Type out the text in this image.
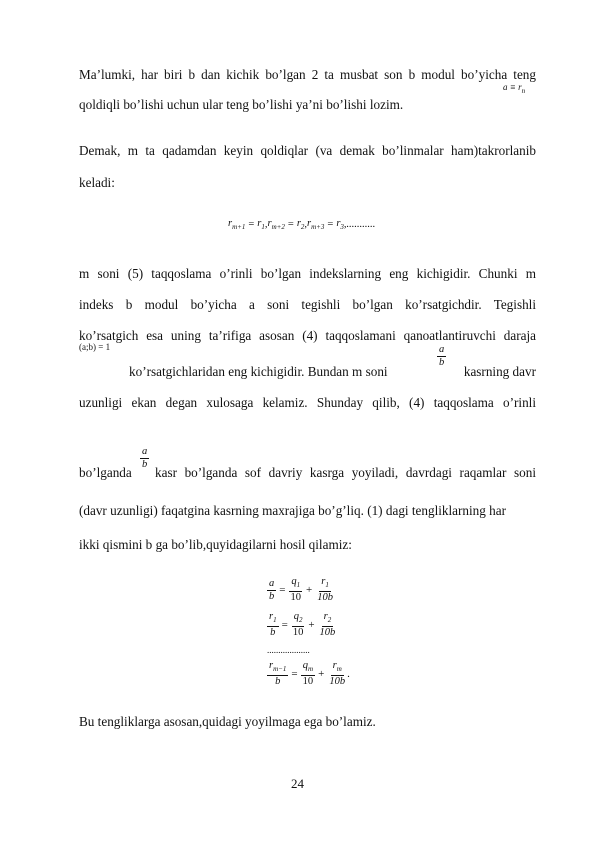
Ma’lumki, har biri b dan kichik bo’lgan 2 ta musbat son b modul bo’yicha teng
$a \equiv r_n$
qoldiqli bo’lishi uchun ular teng bo’lishi ya’ni bo’lishi lozim.
Demak, m ta qadamdan keyin qoldiqlar (va demak bo’linmalar ham)takrorlanib
keladi:
$r_{m+1} = r_1$ , $r_{m+2} = r_2$ , $r_{m+3} = r_3$ ,...........
m soni (5) taqqoslama o’rinli bo’lgan indekslarning eng kichigidir. Chunki m
indeks b modul bo’yicha a soni tegishli bo’lgan ko’rsatgichdir. Tegishli
ko’rsatgich esa uning ta’rifiga asosan (4) taqqoslamani qanoatlantiruvchi daraja
(a;b) = 1
ko’rsatgichlaridan eng kichigidir. Bundan m soni
$\frac{a}{b}$
kasrning davr
uzunligi ekan degan xulosaga kelamiz. Shunday qilib, (4) taqqoslama o’rinli
bo’lganda
$\frac{a}{b}$
kasr bo’lganda sof davriy kasrga yoyiladi, davrdagi raqamlar soni
(davr uzunligi) faqatgina kasrning maxrajiga bo’g’liq. (1) dagi tengliklarning har
ikki qismini b ga bo’lib,quyidagilarni hosil qilamiz:
$\frac{a}{b} = \frac{q_1}{10} + \frac{r_1}{10b}$
$\frac{r_1}{b} = \frac{q_2}{10} + \frac{r_2}{10b}$
...................
$\frac{r_{m-1}}{b} = \frac{q_m}{10} + \frac{r_m}{10b}$ .
Bu tengliklarga asosan,quidagi yoyilmaga ega bo’lamiz.
24
